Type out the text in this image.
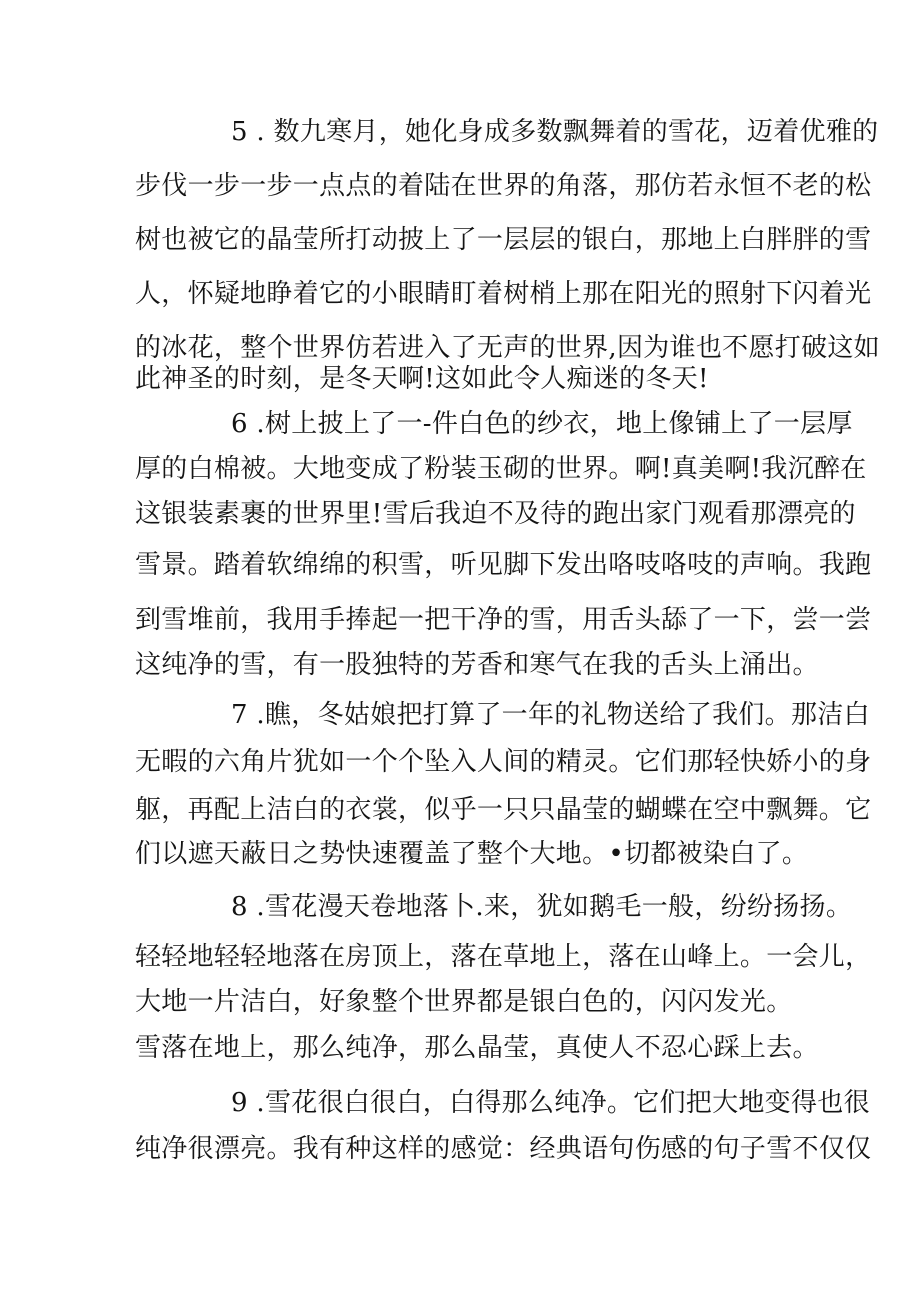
5 . 数九寒月，她化身成多数飘舞着的雪花，迈着优雅的
步伐一步一步一点点的着陆在世界的角落，那仿若永恒不老的松
树也被它的晶莹所打动披上了一层层的银白，那地上白胖胖的雪
人，怀疑地睁着它的小眼睛盯着树梢上那在阳光的照射下闪着光
的冰花，整个世界仿若进入了无声的世界,因为谁也不愿打破这如
此神圣的时刻，是冬天啊!这如此令人痴迷的冬天!
6 .树上披上了一-件白色的纱衣，地上像铺上了一层厚
厚的白棉被。大地变成了粉装玉砌的世界。啊!真美啊!我沉醉在
这银装素裹的世界里!雪后我迫不及待的跑出家门观看那漂亮的
雪景。踏着软绵绵的积雪，听见脚下发出咯吱咯吱的声响。我跑
到雪堆前，我用手捧起一把干净的雪，用舌头舔了一下，尝一尝
这纯净的雪，有一股独特的芳香和寒气在我的舌头上涌出。
7 .瞧，冬姑娘把打算了一年的礼物送给了我们。那洁白
无暇的六角片犹如一个个坠入人间的精灵。它们那轻快娇小的身
躯，再配上洁白的衣裳，似乎一只只晶莹的蝴蝶在空中飘舞。它
们以遮天蔽日之势快速覆盖了整个大地。•切都被染白了。
8 .雪花漫天卷地落卜.来，犹如鹅毛一般，纷纷扬扬。
轻轻地轻轻地落在房顶上，落在草地上，落在山峰上。一会儿，
大地一片洁白，好象整个世界都是银白色的，闪闪发光。
雪落在地上，那么纯净，那么晶莹，真使人不忍心踩上去。
9 .雪花很白很白，白得那么纯净。它们把大地变得也很
纯净很漂亮。我有种这样的感觉：经典语句伤感的句子雪不仅仅
